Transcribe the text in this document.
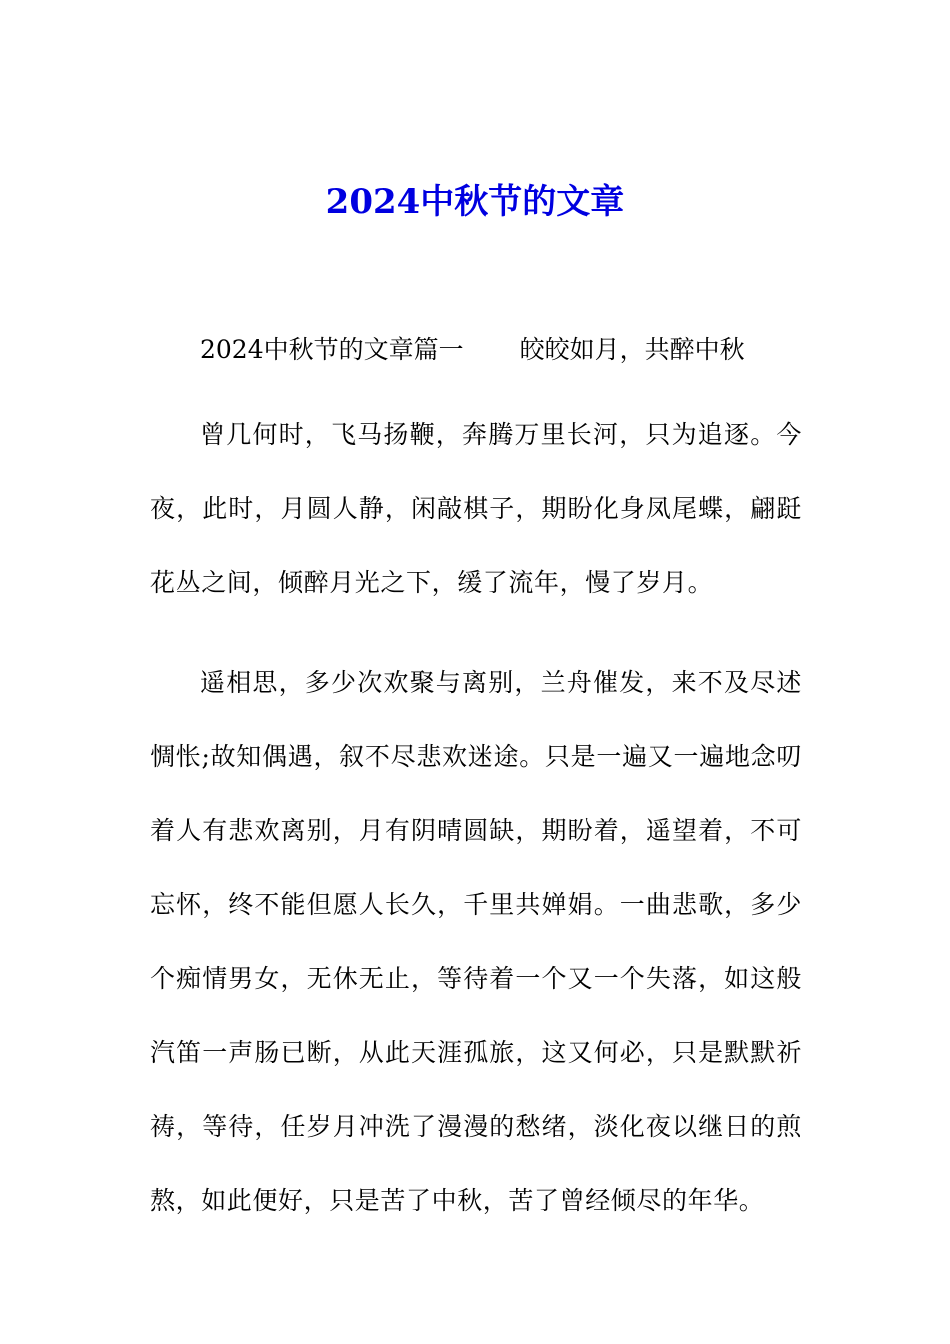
2024中秋节的文章

2024中秋节的文章篇一 皎皎如月，共醉中秋

曾几何时，飞马扬鞭，奔腾万里长河，只为追逐。今夜，此时，月圆人静，闲敲棋子，期盼化身凤尾蝶，翩跹花丛之间，倾醉月光之下，缓了流年，慢了岁月。

遥相思，多少次欢聚与离别，兰舟催发，来不及尽述惆怅;故知偶遇，叙不尽悲欢迷途。只是一遍又一遍地念叨着人有悲欢离别，月有阴晴圆缺，期盼着，遥望着，不可忘怀，终不能但愿人长久，千里共婵娟。一曲悲歌，多少个痴情男女，无休无止，等待着一个又一个失落，如这般汽笛一声肠已断，从此天涯孤旅，这又何必，只是默默祈祷，等待，任岁月冲洗了漫漫的愁绪，淡化夜以继日的煎熬，如此便好，只是苦了中秋，苦了曾经倾尽的年华。
